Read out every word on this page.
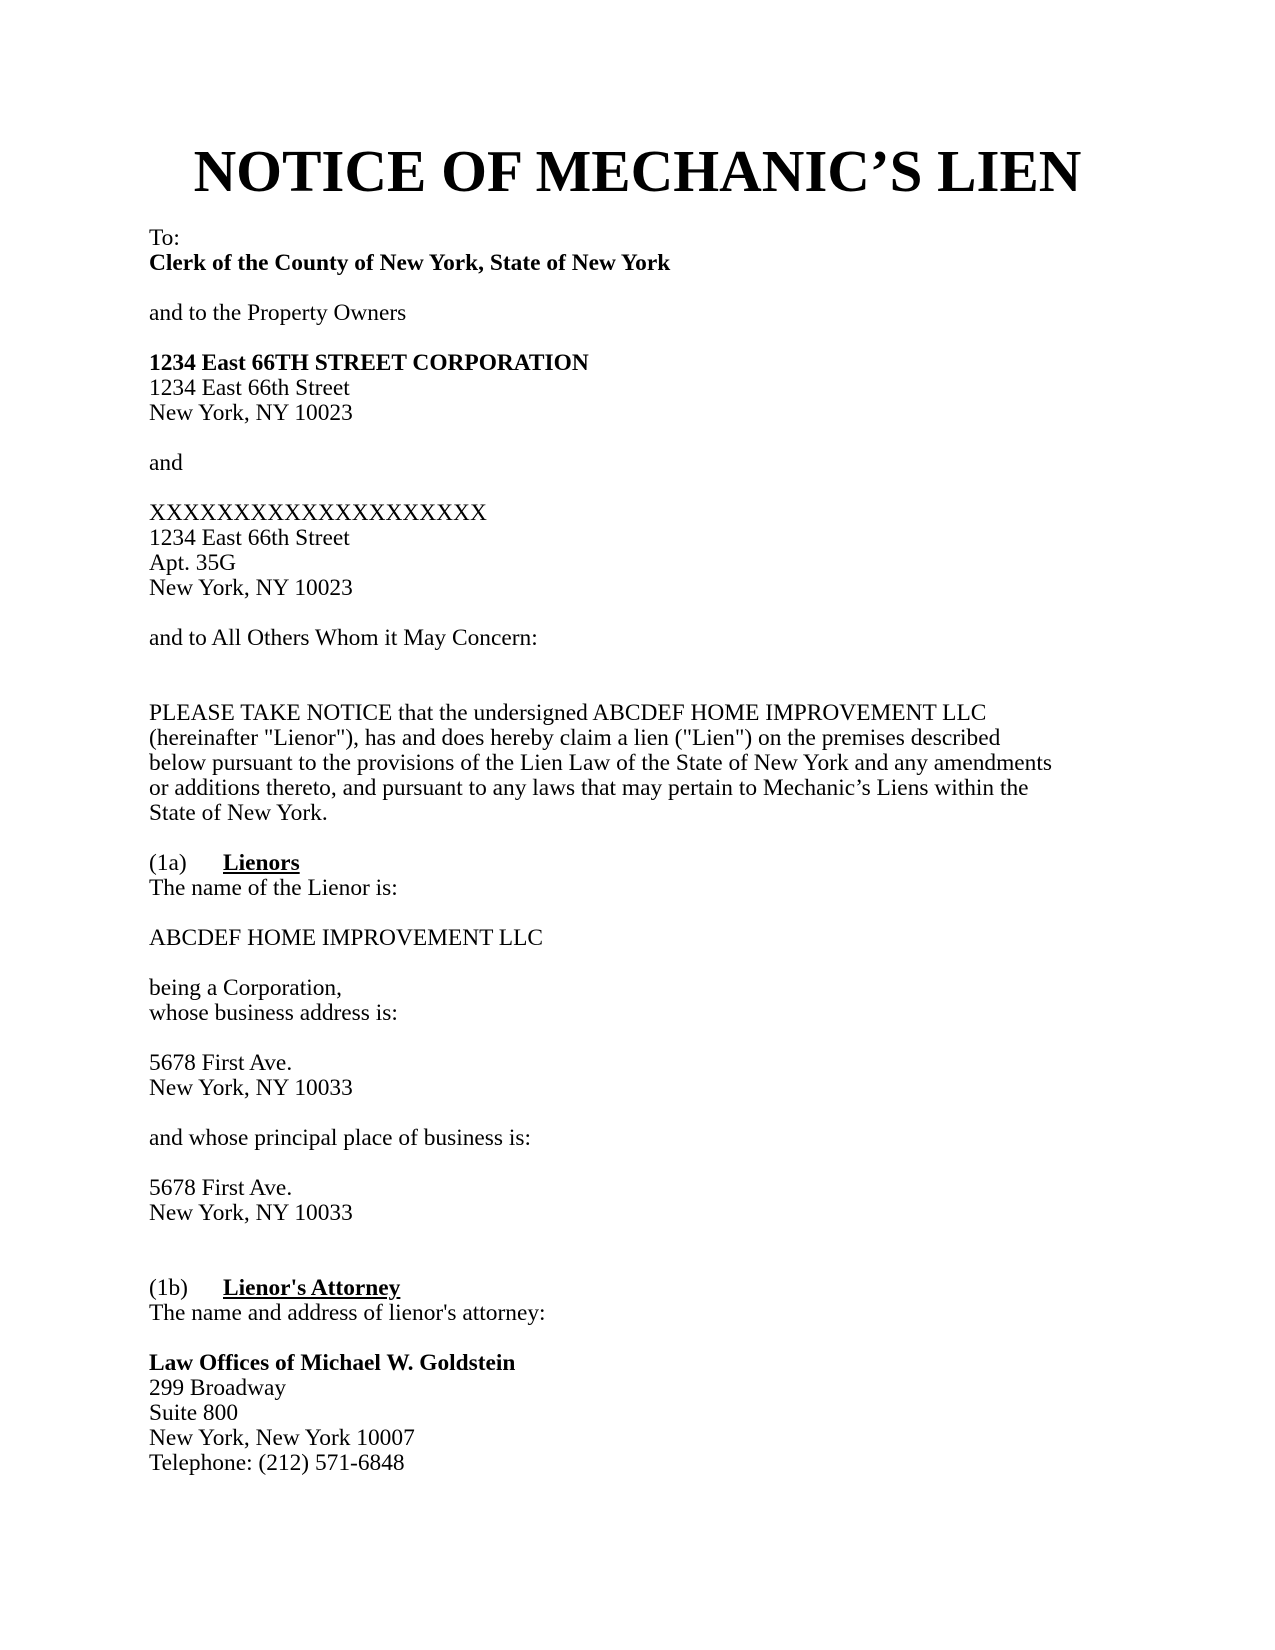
NOTICE OF MECHANIC’S LIEN
To:
Clerk of the County of New York, State of New York
and to the Property Owners
1234 East 66TH STREET CORPORATION
1234 East 66th Street
New York, NY 10023
and
XXXXXXXXXXXXXXXXXXXX
1234 East 66th Street
Apt. 35G
New York, NY 10023
and to All Others Whom it May Concern:
PLEASE TAKE NOTICE that the undersigned ABCDEF HOME IMPROVEMENT LLC
(hereinafter "Lienor"), has and does hereby claim a lien ("Lien") on the premises described
below pursuant to the provisions of the Lien Law of the State of New York and any amendments
or additions thereto, and pursuant to any laws that may pertain to Mechanic’s Liens within the
State of New York.
(1a) Lienors
The name of the Lienor is:
ABCDEF HOME IMPROVEMENT LLC
being a Corporation,
whose business address is:
5678 First Ave.
New York, NY 10033
and whose principal place of business is:
5678 First Ave.
New York, NY 10033
(1b) Lienor's Attorney
The name and address of lienor's attorney:
Law Offices of Michael W. Goldstein
299 Broadway
Suite 800
New York, New York 10007
Telephone: (212) 571-6848
